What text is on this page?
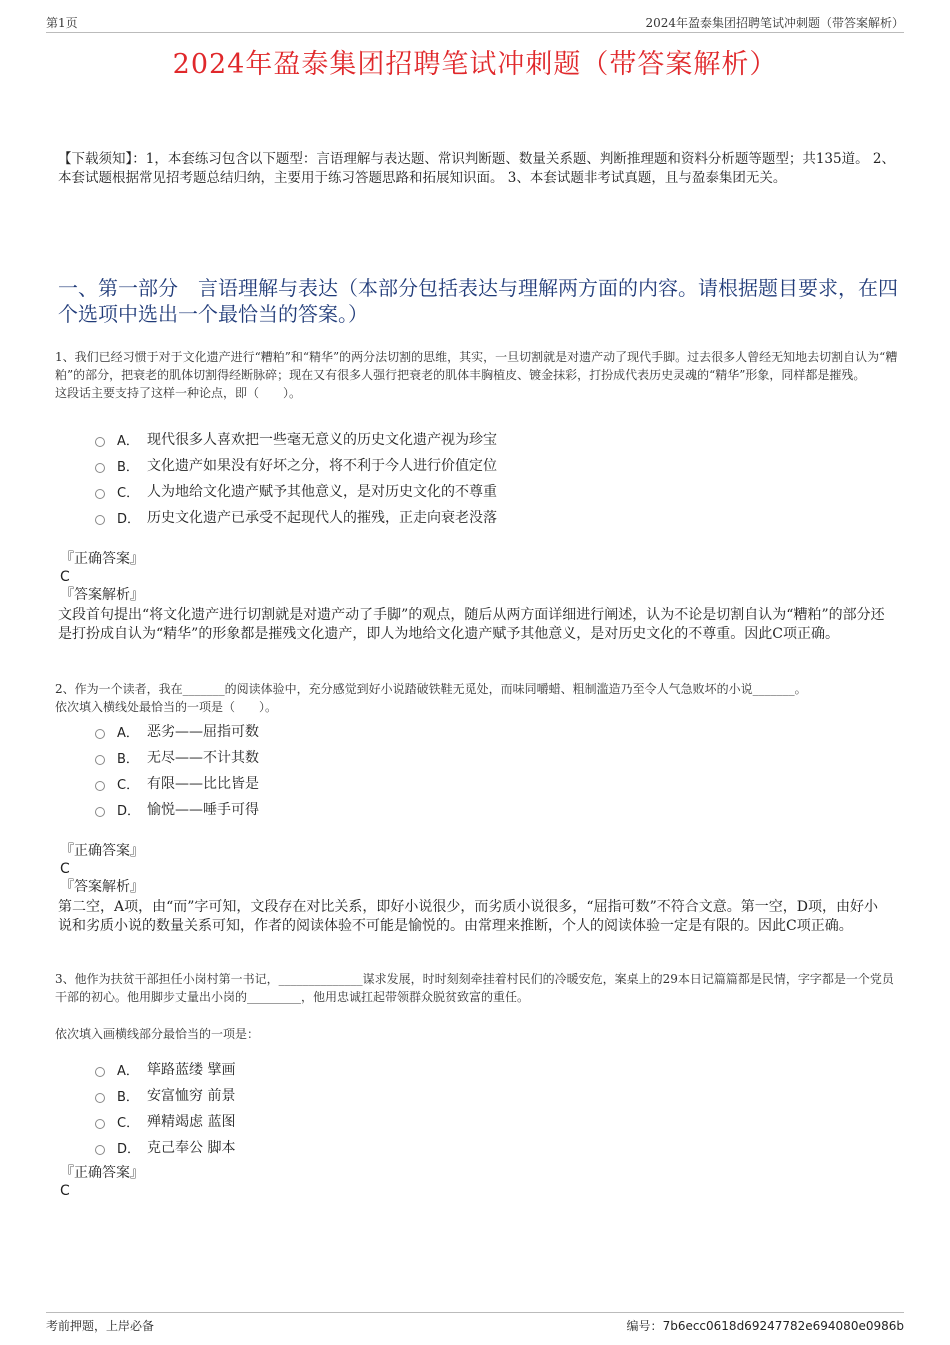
第1页	2024年盈泰集团招聘笔试冲刺题（带答案解析）
2024年盈泰集团招聘笔试冲刺题（带答案解析）
【下载须知】：1，本套练习包含以下题型：言语理解与表达题、常识判断题、数量关系题、判断推理题和资料分析题等题型；共135道。 2、本套试题根据常见招考题总结归纳，主要用于练习答题思路和拓展知识面。 3、本套试题非考试真题，且与盈泰集团无关。
一、第一部分　言语理解与表达（本部分包括表达与理解两方面的内容。请根据题目要求，在四个选项中选出一个最恰当的答案。）
1、我们已经习惯于对于文化遗产进行“糟粕”和“精华”的两分法切割的思维，其实，一旦切割就是对遗产动了现代手脚。过去很多人曾经无知地去切割自认为“糟粕”的部分，把衰老的肌体切割得经断脉碎；现在又有很多人强行把衰老的肌体丰胸植皮、镀金抹彩，打扮成代表历史灵魂的“精华”形象，同样都是摧残。
这段话主要支持了这样一种论点，即（　　）。
A． 现代很多人喜欢把一些毫无意义的历史文化遗产视为珍宝
B． 文化遗产如果没有好坏之分，将不利于今人进行价值定位
C． 人为地给文化遗产赋予其他意义，是对历史文化的不尊重
D． 历史文化遗产已承受不起现代人的摧残，正走向衰老没落
『正确答案』
C
『答案解析』
文段首句提出“将文化遗产进行切割就是对遗产动了手脚”的观点，随后从两方面详细进行阐述，认为不论是切割自认为“糟粕”的部分还是打扮成自认为“精华”的形象都是摧残文化遗产，即人为地给文化遗产赋予其他意义，是对历史文化的不尊重。因此C项正确。
2、作为一个读者，我在_______的阅读体验中，充分感觉到好小说踏破铁鞋无觅处，而味同嚼蜡、粗制滥造乃至令人气急败坏的小说_______。
依次填入横线处最恰当的一项是（　　）。
A． 恶劣——屈指可数
B． 无尽——不计其数
C． 有限——比比皆是
D． 愉悦——唾手可得
『正确答案』
C
『答案解析』
第二空，A项，由“而”字可知，文段存在对比关系，即好小说很少，而劣质小说很多，“屈指可数”不符合文意。第一空，D项，由好小说和劣质小说的数量关系可知，作者的阅读体验不可能是愉悦的。由常理来推断，个人的阅读体验一定是有限的。因此C项正确。
3、他作为扶贫干部担任小岗村第一书记，______________谋求发展，时时刻刻牵挂着村民们的冷暖安危，案桌上的29本日记篇篇都是民情，字字都是一个党员干部的初心。他用脚步丈量出小岗的_________，他用忠诚扛起带领群众脱贫致富的重任。
依次填入画横线部分最恰当的一项是：
A． 筚路蓝缕 擘画
B． 安富恤穷 前景
C． 殚精竭虑 蓝图
D． 克己奉公 脚本
『正确答案』
C
考前押题，上岸必备	编号：7b6ecc0618d69247782e694080e0986b
